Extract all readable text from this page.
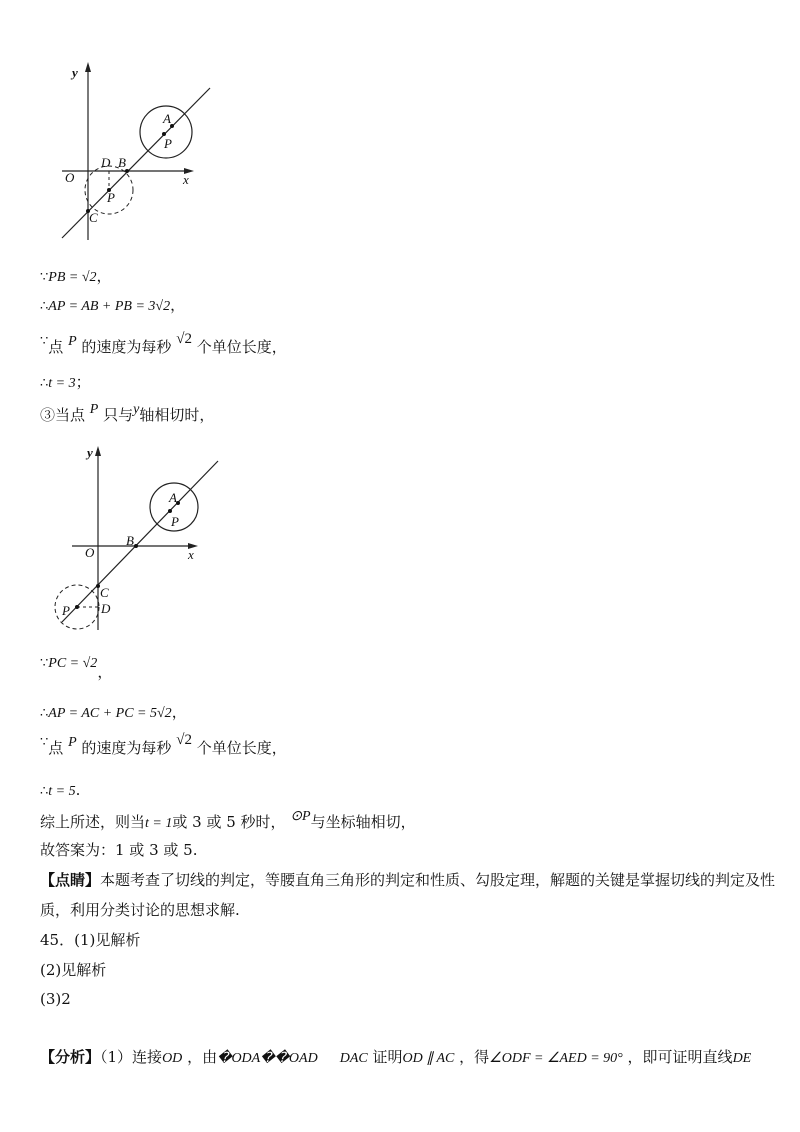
y
x
O
D B
A
P
P
C
∵PB = √2，
∴AP = AB + PB = 3√2，
∵点 P 的速度为每秒 √2 个单位长度，
∴t = 3；
③当点 P 只与y轴相切时，
y
x
O
A
P
B
C
D
P
∵PC = √2，
∴AP = AC + PC = 5√2，
∵点 P 的速度为每秒 √2 个单位长度，
∴t = 5.
综上所述，则当t = 1或 3 或 5 秒时， ⊙P与坐标轴相切，
故答案为：1 或 3 或 5.
【点睛】本题考查了切线的判定，等腰直角三角形的判定和性质、勾股定理，解题的关键是掌握切线的判定及性
质，利用分类讨论的思想求解.
45．(1)见解析
(2)见解析
(3)2
【分析】（1）连接OD ，由�ODA��OAD DAC 证明OD ∥ AC ，得∠ODF = ∠AED = 90° ，即可证明直线DE
